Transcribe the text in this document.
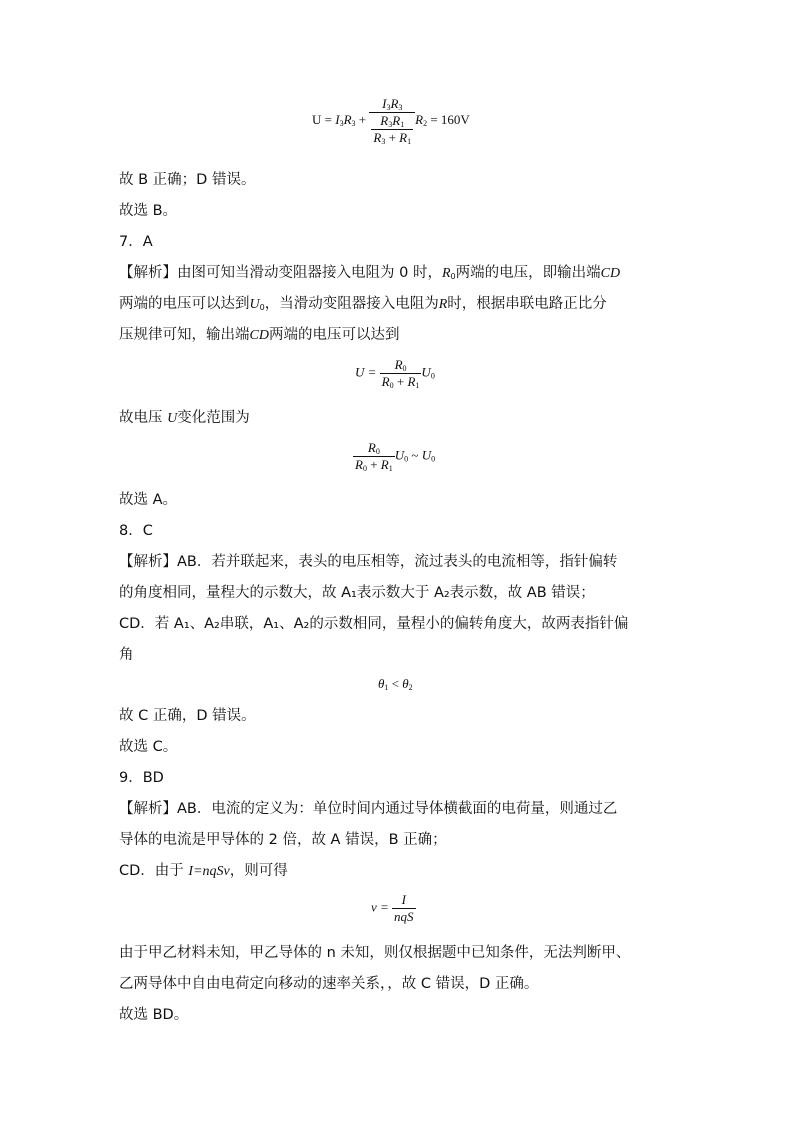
$U = I_3R_3 + \frac{I_3R_3}{\frac{R_3R_1}{R_3 + R_1}} R_2 = 160V$
故 B 正确；D 错误。
故选 B。
7．A
【解析】由图可知当滑动变阻器接入电阻为 0 时，$R_0$两端的电压，即输出端CD
两端的电压可以达到$U_0$，当滑动变阻器接入电阻为R时，根据串联电路正比分
压规律可知，输出端CD两端的电压可以达到
$U = \frac{R_0}{R_0 + R_1} U_0$
故电压 U变化范围为
$\frac{R_0}{R_0 + R_1} U_0$ ~ $U_0$
故选 A。
8．C
【解析】AB．若并联起来，表头的电压相等，流过表头的电流相等，指针偏转
的角度相同，量程大的示数大，故 A₁表示数大于 A₂表示数，故 AB 错误；
CD．若 A₁、A₂串联，A₁、A₂的示数相同，量程小的偏转角度大，故两表指针偏
角
$\theta_1 < \theta_2$
故 C 正确，D 错误。
故选 C。
9．BD
【解析】AB．电流的定义为：单位时间内通过导体横截面的电荷量，则通过乙
导体的电流是甲导体的 2 倍，故 A 错误，B 正确；
CD．由于 I=nqSv，则可得
$v = \frac{I}{\text{nqS}}$
由于甲乙材料未知，甲乙导体的 n 未知，则仅根据题中已知条件，无法判断甲、
乙两导体中自由电荷定向移动的速率关系，，故 C 错误，D 正确。
故选 BD。
